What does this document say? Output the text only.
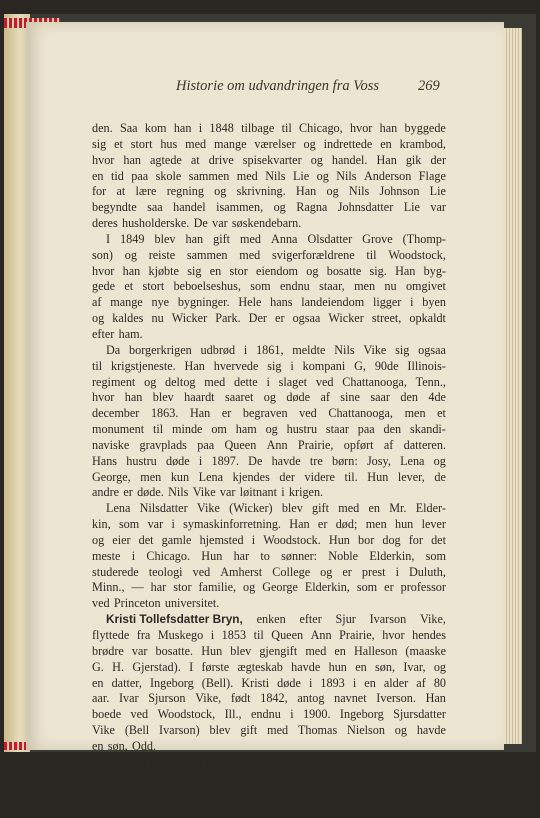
Historie om udvandringen fra Voss	269
den. Saa kom han i 1848 tilbage til Chicago, hvor han byggede
sig et stort hus med mange værelser og indrettede en krambod,
hvor han agtede at drive spisekvarter og handel. Han gik der
en tid paa skole sammen med Nils Lie og Nils Anderson Flage
for at lære regning og skrivning. Han og Nils Johnson Lie
begyndte saa handel isammen, og Ragna Johnsdatter Lie var
deres husholderske. De var søskendebarn.
I 1849 blev han gift med Anna Olsdatter Grove (Thomp-
son) og reiste sammen med svigerforældrene til Woodstock,
hvor han kjøbte sig en stor eiendom og bosatte sig. Han byg-
gede et stort beboelseshus, som endnu staar, men nu omgivet
af mange nye bygninger. Hele hans landeiendom ligger i byen
og kaldes nu Wicker Park. Der er ogsaa Wicker street, opkaldt
efter ham.
Da borgerkrigen udbrød i 1861, meldte Nils Vike sig ogsaa
til krigstjeneste. Han hvervede sig i kompani G, 90de Illinois-
regiment og deltog med dette i slaget ved Chattanooga, Tenn.,
hvor han blev haardt saaret og døde af sine saar den 4de
december 1863. Han er begraven ved Chattanooga, men et
monument til minde om ham og hustru staar paa den skandi-
naviske gravplads paa Queen Ann Prairie, opført af datteren.
Hans hustru døde i 1897. De havde tre børn: Josy, Lena og
George, men kun Lena kjendes der videre til. Hun lever, de
andre er døde. Nils Vike var løitnant i krigen.
Lena Nilsdatter Vike (Wicker) blev gift med en Mr. Elder-
kin, som var i symaskinforretning. Han er død; men hun lever
og eier det gamle hjemsted i Woodstock. Hun bor dog for det
meste i Chicago. Hun har to sønner: Noble Elderkin, som
studerede teologi ved Amherst College og er prest i Duluth,
Minn., — har stor familie, og George Elderkin, som er professor
ved Princeton universitet.
Kristi Tollefsdatter Bryn, enken efter Sjur Ivarson Vike,
flyttede fra Muskego i 1853 til Queen Ann Prairie, hvor hendes
brødre var bosatte. Hun blev gjengift med en Halleson (maaske
G. H. Gjerstad). I første ægteskab havde hun en søn, Ivar, og
en datter, Ingeborg (Bell). Kristi døde i 1893 i en alder af 80
aar. Ivar Sjurson Vike, født 1842, antog navnet Iverson. Han
boede ved Woodstock, Ill., endnu i 1900. Ingeborg Sjursdatter
Vike (Bell Ivarson) blev gift med Thomas Nielson og havde
en søn, Odd.
Isak Oleivson Ukvitne, født 1802, søn af Oleiv Klauson
Grimestad og Britha Isaksdatter Ukvitne, gaardbrugerfolk paa
Ukvitne, gift 1828 med Kari Isaksdatter Grimestad, født 1808,
udvandrede til Amerika i 1851 og kom til Jefferson Prairie, hvor
